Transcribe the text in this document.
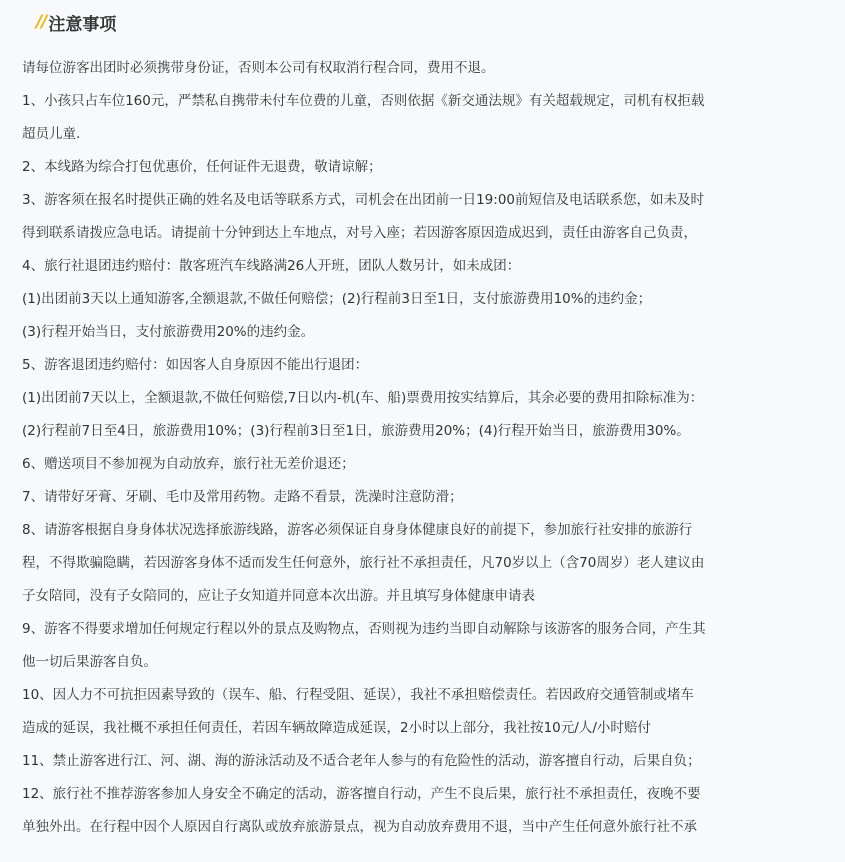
// 注意事项
请每位游客出团时必须携带身份证，否则本公司有权取消行程合同，费用不退。
1、小孩只占车位160元，严禁私自携带未付车位费的儿童，否则依据《新交通法规》有关超载规定，司机有权拒载
超员儿童.
2、本线路为综合打包优惠价，任何证件无退费，敬请谅解；
3、游客须在报名时提供正确的姓名及电话等联系方式，司机会在出团前一日19:00前短信及电话联系您，如未及时
得到联系请拨应急电话。请提前十分钟到达上车地点，对号入座；若因游客原因造成迟到，责任由游客自己负责，
4、旅行社退团违约赔付：散客班汽车线路满26人开班，团队人数另计，如未成团：
(1)出团前3天以上通知游客,全额退款,不做任何赔偿；(2)行程前3日至1日，支付旅游费用10%的违约金；
(3)行程开始当日，支付旅游费用20%的违约金。
5、游客退团违约赔付：如因客人自身原因不能出行退团：
(1)出团前7天以上，全额退款,不做任何赔偿,7日以内-机(车、船)票费用按实结算后，其余必要的费用扣除标准为：
(2)行程前7日至4日，旅游费用10%；(3)行程前3日至1日，旅游费用20%；(4)行程开始当日，旅游费用30%。
6、赠送项目不参加视为自动放弃，旅行社无差价退还；
7、请带好牙膏、牙刷、毛巾及常用药物。走路不看景，洗澡时注意防滑；
8、请游客根据自身身体状况选择旅游线路，游客必须保证自身身体健康良好的前提下，参加旅行社安排的旅游行
程，不得欺骗隐瞒，若因游客身体不适而发生任何意外，旅行社不承担责任，凡70岁以上（含70周岁）老人建议由
子女陪同，没有子女陪同的，应让子女知道并同意本次出游。并且填写身体健康申请表
9、游客不得要求增加任何规定行程以外的景点及购物点，否则视为违约当即自动解除与该游客的服务合同，产生其
他一切后果游客自负。
10、因人力不可抗拒因素导致的（误车、船、行程受阻、延误），我社不承担赔偿责任。若因政府交通管制或堵车
造成的延误，我社概不承担任何责任，若因车辆故障造成延误，2小时以上部分，我社按10元/人/小时赔付
11、禁止游客进行江、河、湖、海的游泳活动及不适合老年人参与的有危险性的活动，游客擅自行动，后果自负；
12、旅行社不推荐游客参加人身安全不确定的活动，游客擅自行动，产生不良后果，旅行社不承担责任，夜晚不要
单独外出。在行程中因个人原因自行离队或放弃旅游景点，视为自动放弃费用不退，当中产生任何意外旅行社不承
